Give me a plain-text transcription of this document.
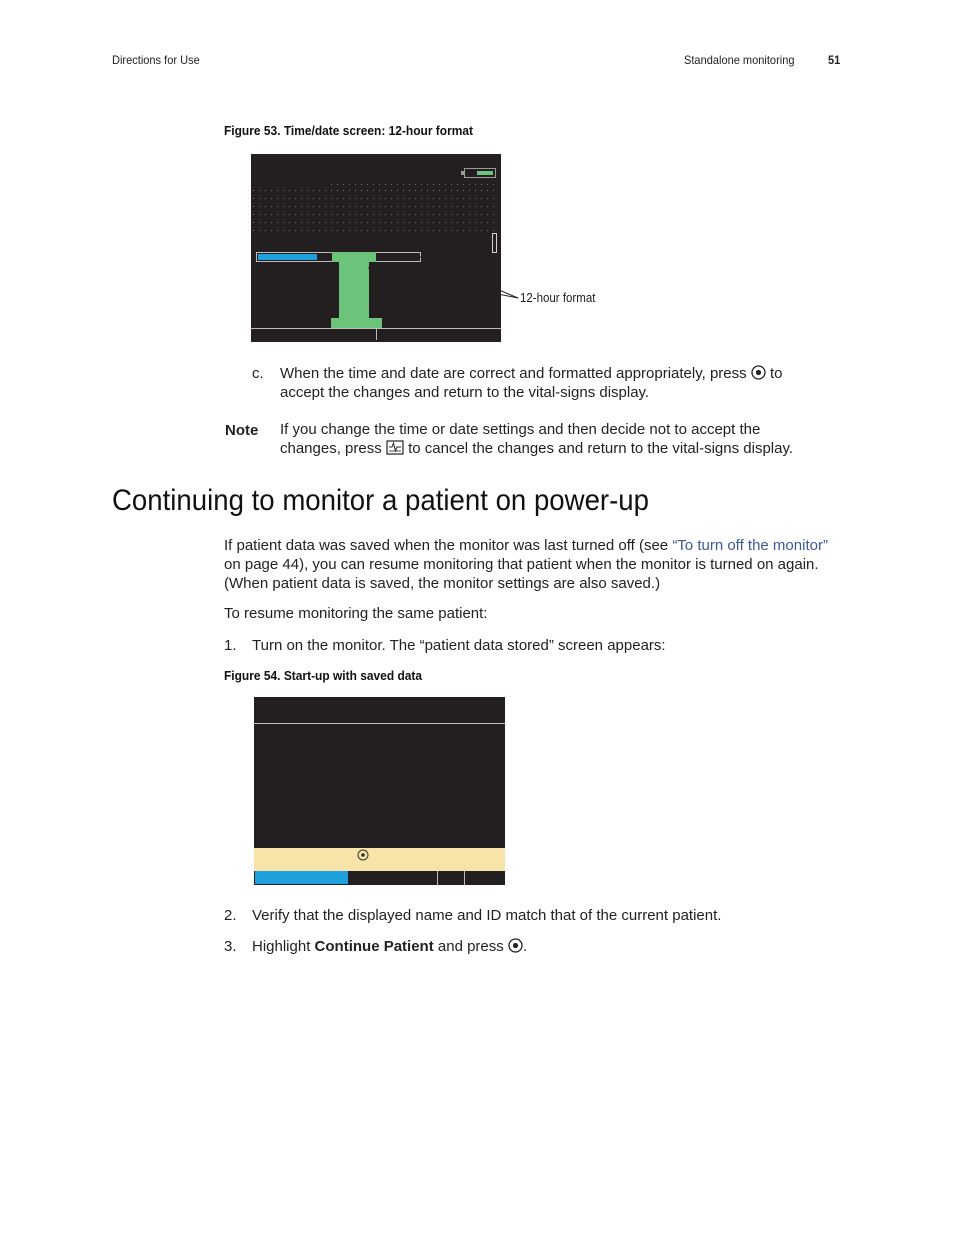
Directions for Use	Standalone monitoring	51
Figure 53. Time/date screen: 12-hour format
12-hour format
c. When the time and date are correct and formatted appropriately, press to accept the changes and return to the vital-signs display.
Note If you change the time or date settings and then decide not to accept the changes, press to cancel the changes and return to the vital-signs display.
Continuing to monitor a patient on power-up
If patient data was saved when the monitor was last turned off (see “To turn off the monitor” on page 44), you can resume monitoring that patient when the monitor is turned on again. (When patient data is saved, the monitor settings are also saved.)
To resume monitoring the same patient:
1. Turn on the monitor. The “patient data stored” screen appears:
Figure 54. Start-up with saved data
2. Verify that the displayed name and ID match that of the current patient.
3. Highlight Continue Patient and press .
